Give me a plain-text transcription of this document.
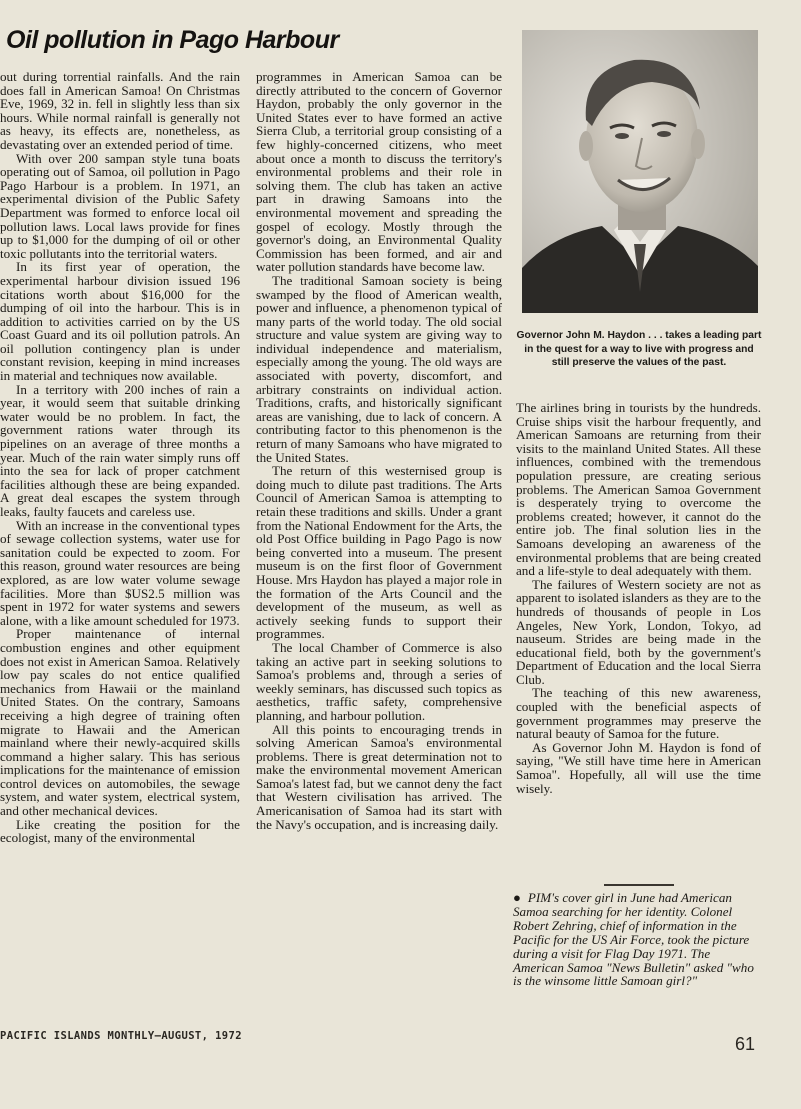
Oil pollution in Pago Harbour

out during torrential rainfalls. And the rain does fall in American Samoa! On Christmas Eve, 1969, 32 in. fell in slightly less than six hours. While normal rainfall is generally not as heavy, its effects are, nonetheless, as devastating over an extended period of time.

With over 200 sampan style tuna boats operating out of Samoa, oil pollution in Pago Pago Harbour is a problem. In 1971, an experimental division of the Public Safety Department was formed to enforce local oil pollution laws. Local laws provide for fines up to $1,000 for the dumping of oil or other toxic pollutants into the territorial waters.

In its first year of operation, the experimental harbour division issued 196 citations worth about $16,000 for the dumping of oil into the harbour. This is in addition to activities carried on by the US Coast Guard and its oil pollution patrols. An oil pollution contingency plan is under constant revision, keeping in mind increases in material and techniques now available.

In a territory with 200 inches of rain a year, it would seem that suitable drinking water would be no problem. In fact, the government rations water through its pipelines on an average of three months a year. Much of the rain water simply runs off into the sea for lack of proper catchment facilities although these are being expanded. A great deal escapes the system through leaks, faulty faucets and careless use.

With an increase in the conventional types of sewage collection systems, water use for sanitation could be expected to zoom. For this reason, ground water resources are being explored, as are low water volume sewage facilities. More than $US2.5 million was spent in 1972 for water systems and sewers alone, with a like amount scheduled for 1973.

Proper maintenance of internal combustion engines and other equipment does not exist in American Samoa. Relatively low pay scales do not entice qualified mechanics from Hawaii or the mainland United States. On the contrary, Samoans receiving a high degree of training often migrate to Hawaii and the American mainland where their newly-acquired skills command a higher salary. This has serious implications for the maintenance of emission control devices on automobiles, the sewage system, and water system, electrical system, and other mechanical devices.

Like creating the position for the ecologist, many of the environmental

programmes in American Samoa can be directly attributed to the concern of Governor Haydon, probably the only governor in the United States ever to have formed an active Sierra Club, a territorial group consisting of a few highly-concerned citizens, who meet about once a month to discuss the territory's environmental problems and their role in solving them. The club has taken an active part in drawing Samoans into the environmental movement and spreading the gospel of ecology. Mostly through the governor's doing, an Environmental Quality Commission has been formed, and air and water pollution standards have become law.

The traditional Samoan society is being swamped by the flood of American wealth, power and influence, a phenomenon typical of many parts of the world today. The old social structure and value system are giving way to individual independence and materialism, especially among the young. The old ways are associated with poverty, discomfort, and arbitrary constraints on individual action. Traditions, crafts, and historically significant areas are vanishing, due to lack of concern. A contributing factor to this phenomenon is the return of many Samoans who have migrated to the United States.

The return of this westernised group is doing much to dilute past traditions. The Arts Council of American Samoa is attempting to retain these traditions and skills. Under a grant from the National Endowment for the Arts, the old Post Office building in Pago Pago is now being converted into a museum. The present museum is on the first floor of Government House. Mrs Haydon has played a major role in the formation of the Arts Council and the development of the museum, as well as actively seeking funds to support their programmes.

The local Chamber of Commerce is also taking an active part in seeking solutions to Samoa's problems and, through a series of weekly seminars, has discussed such topics as aesthetics, traffic safety, comprehensive planning, and harbour pollution.

All this points to encouraging trends in solving American Samoa's environmental problems. There is great determination not to make the environmental movement American Samoa's latest fad, but we cannot deny the fact that Western civilisation has arrived. The Americanisation of Samoa had its start with the Navy's occupation, and is increasing daily.

Governor John M. Haydon . . . takes a leading part in the quest for a way to live with progress and still preserve the values of the past.

The airlines bring in tourists by the hundreds. Cruise ships visit the harbour frequently, and American Samoans are returning from their visits to the mainland United States. All these influences, combined with the tremendous population pressure, are creating serious problems. The American Samoa Government is desperately trying to overcome the problems created; however, it cannot do the entire job. The final solution lies in the Samoans developing an awareness of the environmental problems that are being created and a life-style to deal adequately with them.

The failures of Western society are not as apparent to isolated islanders as they are to the hundreds of thousands of people in Los Angeles, New York, London, Tokyo, ad nauseum. Strides are being made in the educational field, both by the government's Department of Education and the local Sierra Club.

The teaching of this new awareness, coupled with the beneficial aspects of government programmes may preserve the natural beauty of Samoa for the future.

As Governor John M. Haydon is fond of saying, "We still have time here in American Samoa". Hopefully, all will use the time wisely.

● PIM's cover girl in June had American Samoa searching for her identity. Colonel Robert Zehring, chief of information in the Pacific for the US Air Force, took the picture during a visit for Flag Day 1971. The American Samoa "News Bulletin" asked "who is the winsome little Samoan girl?"

PACIFIC ISLANDS MONTHLY—AUGUST, 1972	61
